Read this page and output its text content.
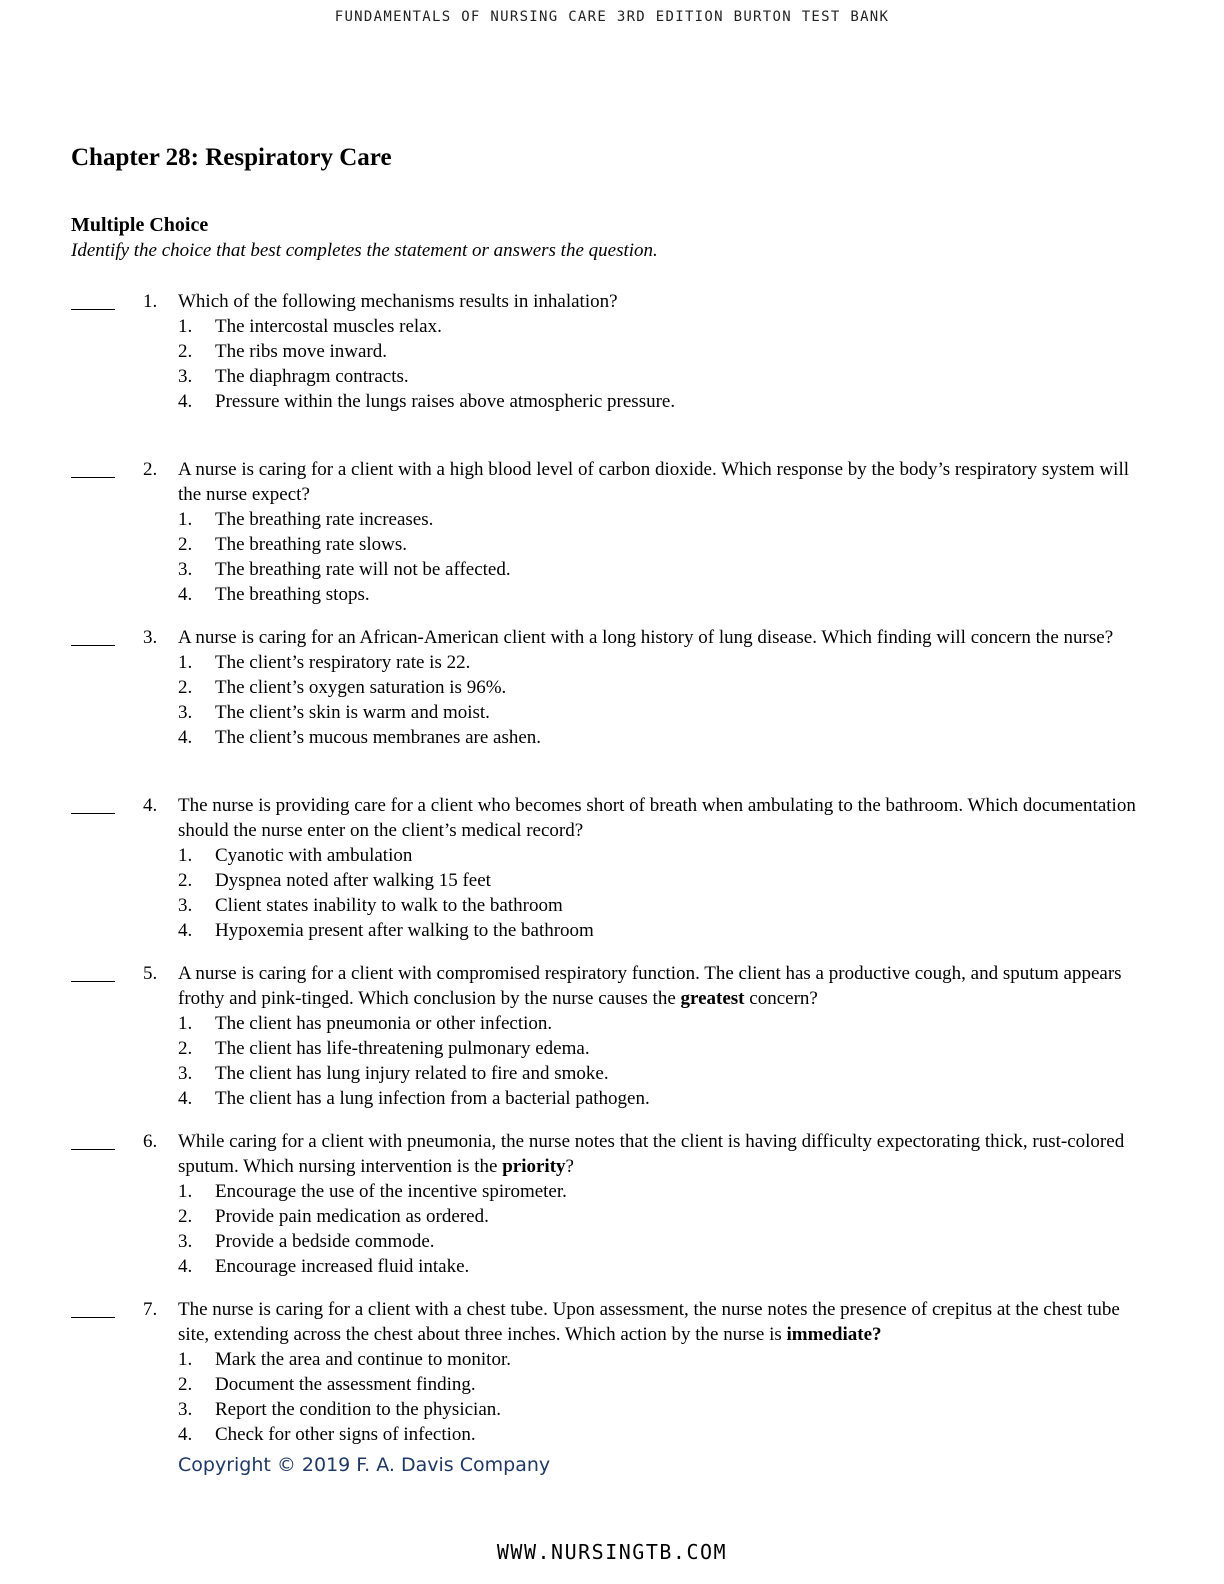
FUNDAMENTALS OF NURSING CARE 3RD EDITION BURTON TEST BANK
Chapter 28: Respiratory Care
Multiple Choice
Identify the choice that best completes the statement or answers the question.
1. Which of the following mechanisms results in inhalation?
1. The intercostal muscles relax.
2. The ribs move inward.
3. The diaphragm contracts.
4. Pressure within the lungs raises above atmospheric pressure.
2. A nurse is caring for a client with a high blood level of carbon dioxide. Which response by the body’s respiratory system will the nurse expect?
1. The breathing rate increases.
2. The breathing rate slows.
3. The breathing rate will not be affected.
4. The breathing stops.
3. A nurse is caring for an African-American client with a long history of lung disease. Which finding will concern the nurse?
1. The client’s respiratory rate is 22.
2. The client’s oxygen saturation is 96%.
3. The client’s skin is warm and moist.
4. The client’s mucous membranes are ashen.
4. The nurse is providing care for a client who becomes short of breath when ambulating to the bathroom. Which documentation should the nurse enter on the client’s medical record?
1. Cyanotic with ambulation
2. Dyspnea noted after walking 15 feet
3. Client states inability to walk to the bathroom
4. Hypoxemia present after walking to the bathroom
5. A nurse is caring for a client with compromised respiratory function. The client has a productive cough, and sputum appears frothy and pink-tinged. Which conclusion by the nurse causes the greatest concern?
1. The client has pneumonia or other infection.
2. The client has life-threatening pulmonary edema.
3. The client has lung injury related to fire and smoke.
4. The client has a lung infection from a bacterial pathogen.
6. While caring for a client with pneumonia, the nurse notes that the client is having difficulty expectorating thick, rust-colored sputum. Which nursing intervention is the priority?
1. Encourage the use of the incentive spirometer.
2. Provide pain medication as ordered.
3. Provide a bedside commode.
4. Encourage increased fluid intake.
7. The nurse is caring for a client with a chest tube. Upon assessment, the nurse notes the presence of crepitus at the chest tube site, extending across the chest about three inches. Which action by the nurse is immediate?
1. Mark the area and continue to monitor.
2. Document the assessment finding.
3. Report the condition to the physician.
4. Check for other signs of infection.
Copyright © 2019 F. A. Davis Company
WWW.NURSINGTB.COM
